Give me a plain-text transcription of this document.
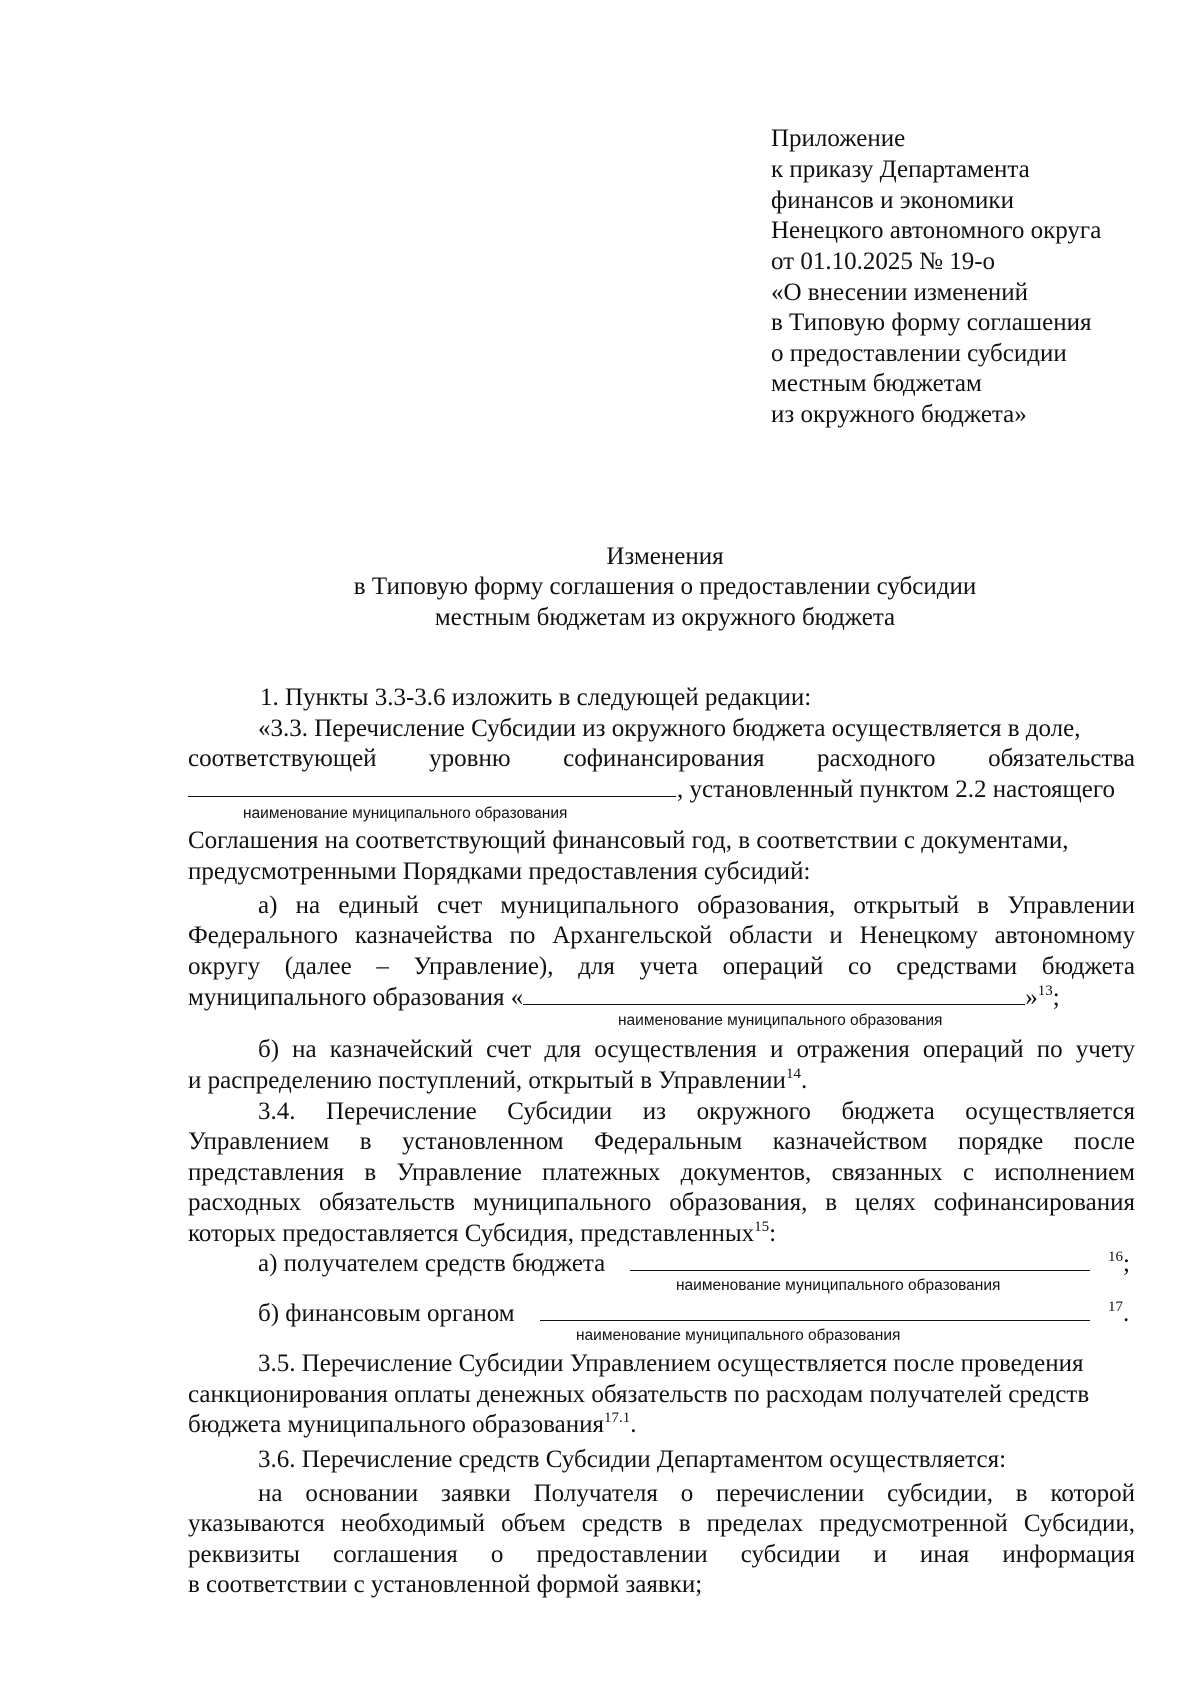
Приложение
к приказу Департамента
финансов и экономики
Ненецкого автономного округа
от 01.10.2025 № 19-о
«О внесении изменений
в Типовую форму соглашения
о предоставлении субсидии
местным бюджетам
из окружного бюджета»
Изменения
в Типовую форму соглашения о предоставлении субсидии
местным бюджетам из окружного бюджета
1. Пункты 3.3-3.6 изложить в следующей редакции:
«3.3. Перечисление Субсидии из окружного бюджета осуществляется в доле,
соответствующей уровню софинансирования расходного обязательства
, установленный пунктом 2.2 настоящего
наименование муниципального образования
Соглашения на соответствующий финансовый год, в соответствии с документами,
предусмотренными Порядками предоставления субсидий:
а) на единый счет муниципального образования, открытый в Управлении
Федерального казначейства по Архангельской области и Ненецкому автономному
округу (далее – Управление), для учета операций со средствами бюджета
муниципального образования «	»$^{13}$;
наименование муниципального образования
б) на казначейский счет для осуществления и отражения операций по учету
и распределению поступлений, открытый в Управлении$^{14}$.
3.4. Перечисление Субсидии из окружного бюджета осуществляется
Управлением в установленном Федеральным казначейством порядке после
представления в Управление платежных документов, связанных с исполнением
расходных обязательств муниципального образования, в целях софинансирования
которых предоставляется Субсидия, представленных$^{15}$:
а) получателем средств бюджета	$^{16}$;
наименование муниципального образования
б) финансовым органом	$^{17}$.
наименование муниципального образования
3.5. Перечисление Субсидии Управлением осуществляется после проведения
санкционирования оплаты денежных обязательств по расходам получателей средств
бюджета муниципального образования$^{17.1}$.
3.6. Перечисление средств Субсидии Департаментом осуществляется:
на основании заявки Получателя о перечислении субсидии, в которой
указываются необходимый объем средств в пределах предусмотренной Субсидии,
реквизиты соглашения о предоставлении субсидии и иная информация
в соответствии с установленной формой заявки;
